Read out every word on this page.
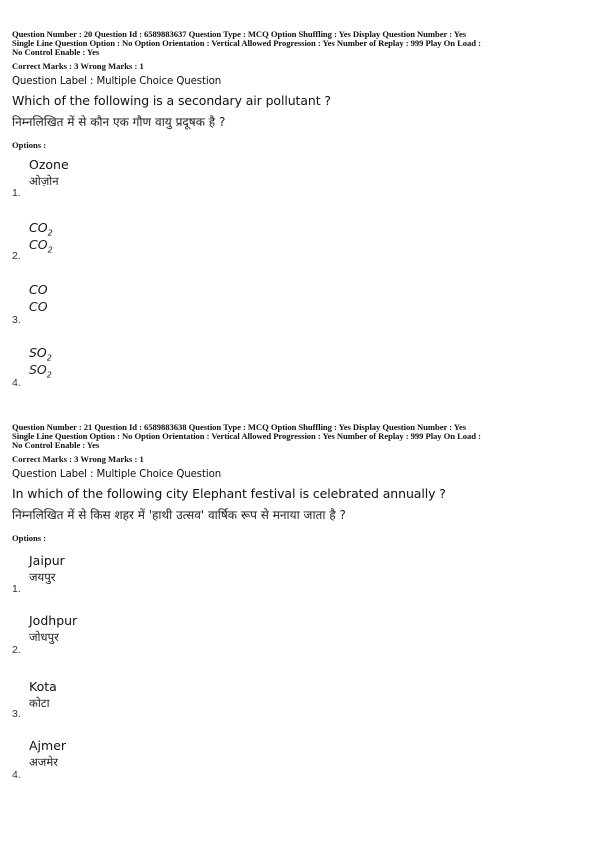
Question Number : 20 Question Id : 6589883637 Question Type : MCQ Option Shuffling : Yes Display Question Number : Yes
Single Line Question Option : No Option Orientation : Vertical Allowed Progression : Yes Number of Replay : 999 Play On Load :
No Control Enable : Yes
Correct Marks : 3 Wrong Marks : 1
Question Label : Multiple Choice Question
Which of the following is a secondary air pollutant ?
निम्नलिखित में से कौन एक गौण वायु प्रदूषक है ?
Options :
Ozone
ओज़ोन
1.
$CO_2$
$CO_2$
2.
CO
CO
3.
$SO_2$
$SO_2$
4.
Question Number : 21 Question Id : 6589883638 Question Type : MCQ Option Shuffling : Yes Display Question Number : Yes
Single Line Question Option : No Option Orientation : Vertical Allowed Progression : Yes Number of Replay : 999 Play On Load :
No Control Enable : Yes
Correct Marks : 3 Wrong Marks : 1
Question Label : Multiple Choice Question
In which of the following city Elephant festival is celebrated annually ?
निम्नलिखित में से किस शहर में 'हाथी उत्सव' वार्षिक रूप से मनाया जाता है ?
Options :
Jaipur
जयपुर
1.
Jodhpur
जोधपुर
2.
Kota
कोटा
3.
Ajmer
अजमेर
4.
